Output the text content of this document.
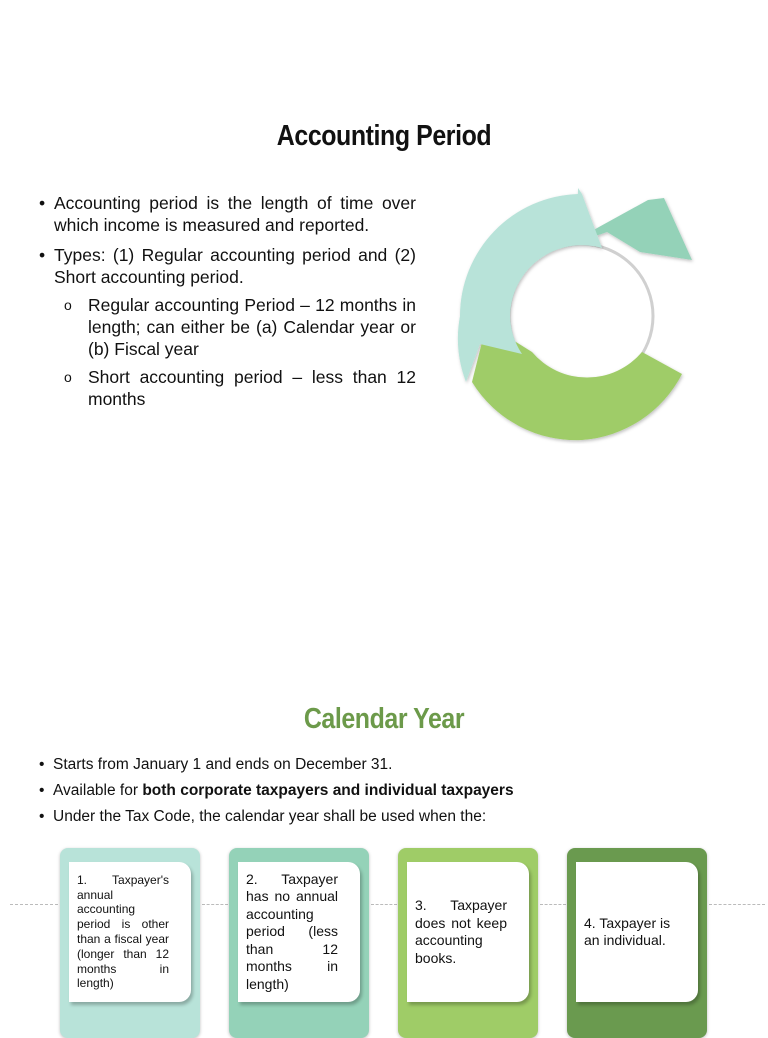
Accounting Period
• Accounting period is the length of time over which income is measured and reported.
• Types: (1) Regular accounting period and (2) Short accounting period.
o Regular accounting Period – 12 months in length; can either be (a) Calendar year or (b) Fiscal year
o Short accounting period – less than 12 months
Calendar Year
• Starts from January 1 and ends on December 31.
• Available for both corporate taxpayers and individual taxpayers
• Under the Tax Code, the calendar year shall be used when the:
1. Taxpayer's annual accounting period is other than a fiscal year (longer than 12 months in length)
2. Taxpayer has no annual accounting period (less than 12 months in length)
3. Taxpayer does not keep accounting books.
4. Taxpayer is an individual.
